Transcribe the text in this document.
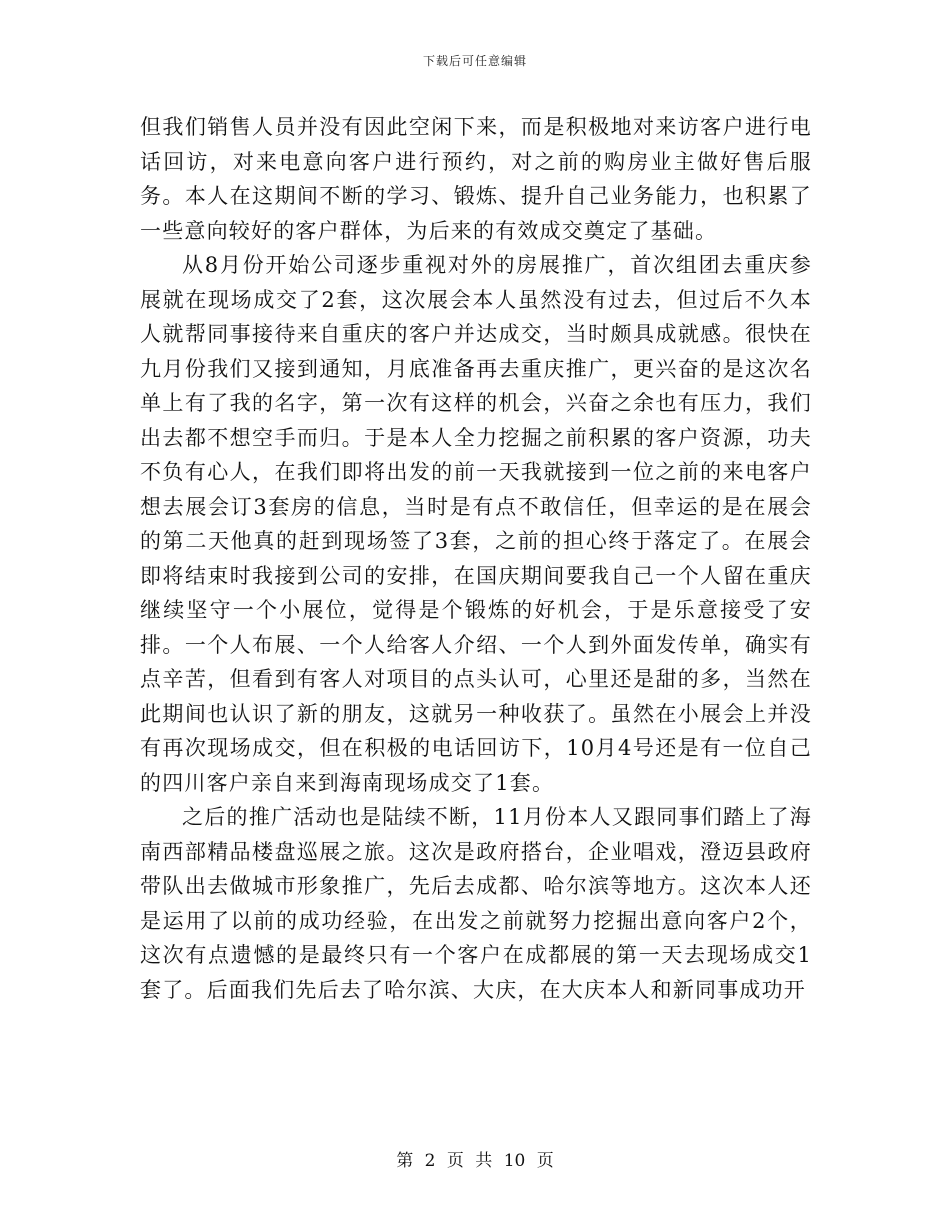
下载后可任意编辑

但我们销售人员并没有因此空闲下来，而是积极地对来访客户进行电话回访，对来电意向客户进行预约，对之前的购房业主做好售后服务。本人在这期间不断的学习、锻炼、提升自己业务能力，也积累了一些意向较好的客户群体，为后来的有效成交奠定了基础。

从8月份开始公司逐步重视对外的房展推广，首次组团去重庆参展就在现场成交了2套，这次展会本人虽然没有过去，但过后不久本人就帮同事接待来自重庆的客户并达成交，当时颇具成就感。很快在九月份我们又接到通知，月底准备再去重庆推广，更兴奋的是这次名单上有了我的名字，第一次有这样的机会，兴奋之余也有压力，我们出去都不想空手而归。于是本人全力挖掘之前积累的客户资源，功夫不负有心人，在我们即将出发的前一天我就接到一位之前的来电客户想去展会订3套房的信息，当时是有点不敢信任，但幸运的是在展会的第二天他真的赶到现场签了3套，之前的担心终于落定了。在展会即将结束时我接到公司的安排，在国庆期间要我自己一个人留在重庆继续坚守一个小展位，觉得是个锻炼的好机会，于是乐意接受了安排。一个人布展、一个人给客人介绍、一个人到外面发传单，确实有点辛苦，但看到有客人对项目的点头认可，心里还是甜的多，当然在此期间也认识了新的朋友，这就另一种收获了。虽然在小展会上并没有再次现场成交，但在积极的电话回访下，10月4号还是有一位自己的四川客户亲自来到海南现场成交了1套。

之后的推广活动也是陆续不断，11月份本人又跟同事们踏上了海南西部精品楼盘巡展之旅。这次是政府搭台，企业唱戏，澄迈县政府带队出去做城市形象推广，先后去成都、哈尔滨等地方。这次本人还是运用了以前的成功经验，在出发之前就努力挖掘出意向客户2个，这次有点遗憾的是最终只有一个客户在成都展的第一天去现场成交1套了。后面我们先后去了哈尔滨、大庆，在大庆本人和新同事成功开

第 2 页 共 10 页
